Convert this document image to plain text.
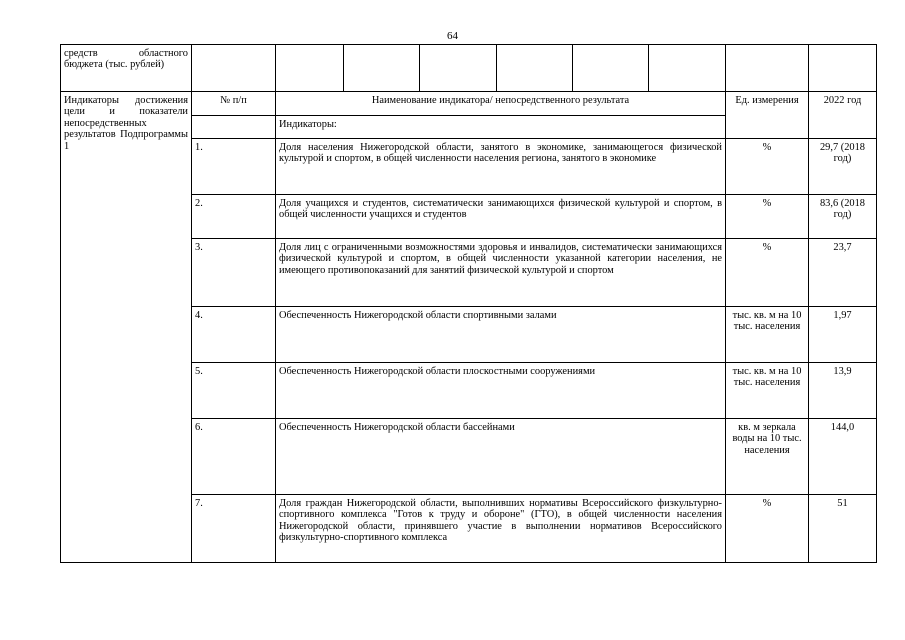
64
средств областного бюджета (тыс. рублей)									
Индикаторы достижения цели и показатели непосредственных результатов Подпрограммы 1	№ п/п	Наименование индикатора/ непосредственного результата						Ед. измерения	2022 год
		Индикаторы:							
	1.	Доля населения Нижегородской области, занятого в экономике, занимающегося физической культурой и спортом, в общей численности населения региона, занятого в экономике						%	29,7 (2018 год)
	2.	Доля учащихся и студентов, систематически занимающихся физической культурой и спортом, в общей численности учащихся и студентов						%	83,6 (2018 год)
	3.	Доля лиц с ограниченными возможностями здоровья и инвалидов, систематически занимающихся физической культурой и спортом, в общей численности указанной категории населения, не имеющего противопоказаний для занятий физической культурой и спортом						%	23,7
	4.	Обеспеченность Нижегородской области спортивными залами						тыс. кв. м на 10 тыс. населения	1,97
	5.	Обеспеченность Нижегородской области плоскостными сооружениями						тыс. кв. м на 10 тыс. населения	13,9
	6.	Обеспеченность Нижегородской области бассейнами						кв. м зеркала воды на 10 тыс. населения	144,0
	7.	Доля граждан Нижегородской области, выполнивших нормативы Всероссийского физкультурно-спортивного комплекса "Готов к труду и обороне" (ГТО), в общей численности населения Нижегородской области, принявшего участие в выполнении нормативов Всероссийского физкультурно-спортивного комплекса						%	51
